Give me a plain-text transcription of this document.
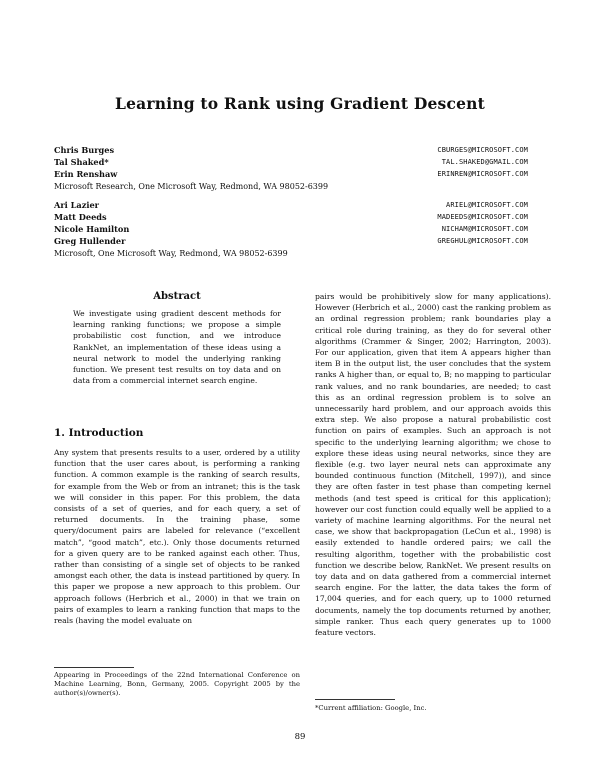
Learning to Rank using Gradient Descent
Chris Burges	CBURGES@MICROSOFT.COM
Tal Shaked*	TAL.SHAKED@GMAIL.COM
Erin Renshaw	ERINREN@MICROSOFT.COM
Microsoft Research, One Microsoft Way, Redmond, WA 98052-6399
Ari Lazier	ARIEL@MICROSOFT.COM
Matt Deeds	MADEEDS@MICROSOFT.COM
Nicole Hamilton	NICHAM@MICROSOFT.COM
Greg Hullender	GREGHUL@MICROSOFT.COM
Microsoft, One Microsoft Way, Redmond, WA 98052-6399
Abstract

We investigate using gradient descent methods for learning ranking functions; we propose a simple probabilistic cost function, and we introduce RankNet, an implementation of these ideas using a neural network to model the underlying ranking function. We present test results on toy data and on data from a commercial internet search engine.

1. Introduction

Any system that presents results to a user, ordered by a utility function that the user cares about, is performing a ranking function. A common example is the ranking of search results, for example from the Web or from an intranet; this is the task we will consider in this paper. For this problem, the data consists of a set of queries, and for each query, a set of returned documents. In the training phase, some query/document pairs are labeled for relevance (“excellent match”, “good match”, etc.). Only those documents returned for a given query are to be ranked against each other. Thus, rather than consisting of a single set of objects to be ranked amongst each other, the data is instead partitioned by query. In this paper we propose a new approach to this problem. Our approach follows (Herbrich et al., 2000) in that we train on pairs of examples to learn a ranking function that maps to the reals (having the model evaluate on

pairs would be prohibitively slow for many applications). However (Herbrich et al., 2000) cast the ranking problem as an ordinal regression problem; rank boundaries play a critical role during training, as they do for several other algorithms (Crammer & Singer, 2002; Harrington, 2003). For our application, given that item A appears higher than item B in the output list, the user concludes that the system ranks A higher than, or equal to, B; no mapping to particular rank values, and no rank boundaries, are needed; to cast this as an ordinal regression problem is to solve an unnecessarily hard problem, and our approach avoids this extra step. We also propose a natural probabilistic cost function on pairs of examples. Such an approach is not specific to the underlying learning algorithm; we chose to explore these ideas using neural networks, since they are flexible (e.g. two layer neural nets can approximate any bounded continuous function (Mitchell, 1997)), and since they are often faster in test phase than competing kernel methods (and test speed is critical for this application); however our cost function could equally well be applied to a variety of machine learning algorithms. For the neural net case, we show that backpropagation (LeCun et al., 1998) is easily extended to handle ordered pairs; we call the resulting algorithm, together with the probabilistic cost function we describe below, RankNet. We present results on toy data and on data gathered from a commercial internet search engine. For the latter, the data takes the form of 17,004 queries, and for each query, up to 1000 returned documents, namely the top documents returned by another, simple ranker. Thus each query generates up to 1000 feature vectors.

Appearing in Proceedings of the 22nd International Conference on Machine Learning, Bonn, Germany, 2005. Copyright 2005 by the author(s)/owner(s).

*Current affiliation: Google, Inc.

89
